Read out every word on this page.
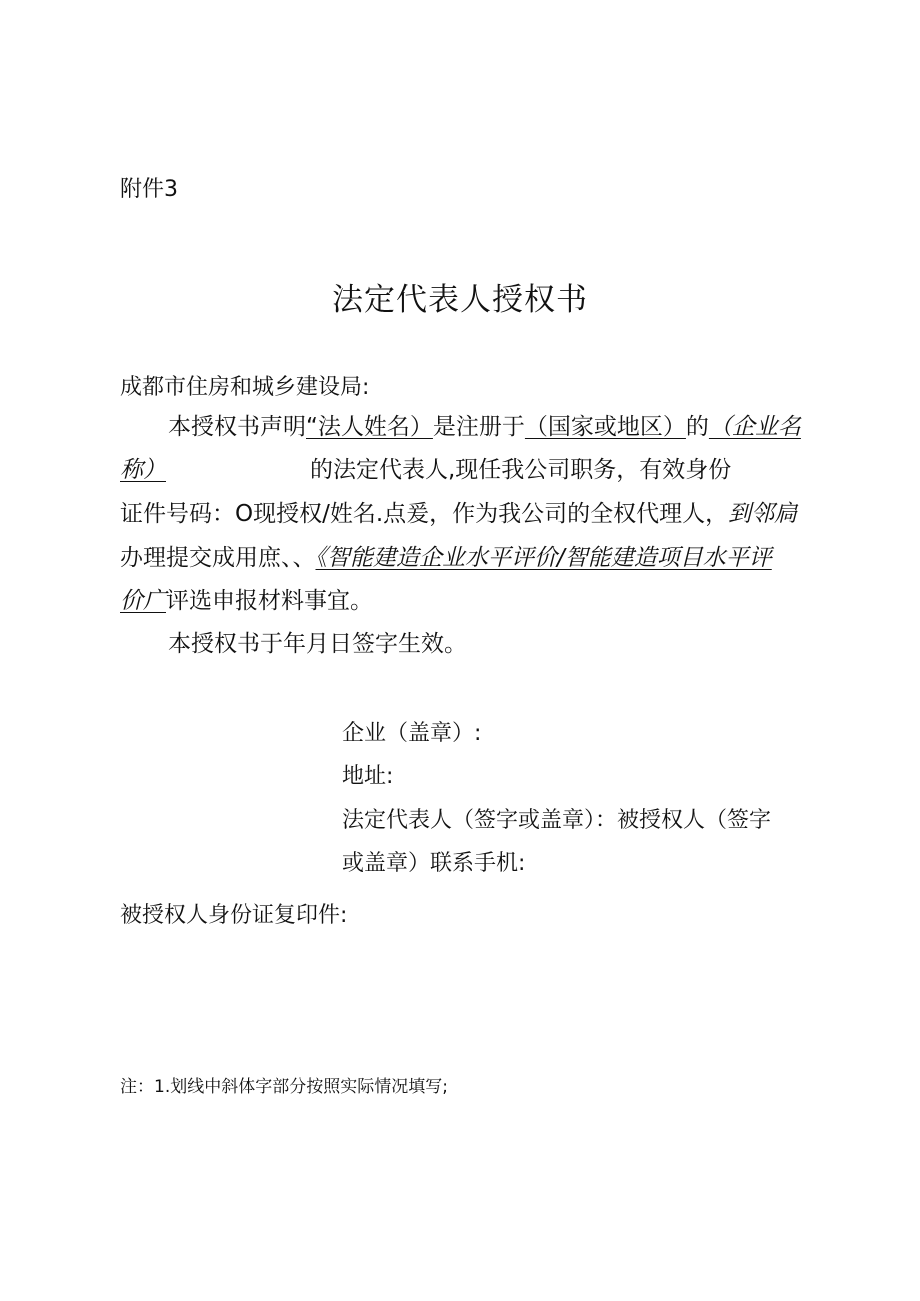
附件3
法定代表人授权书
成都市住房和城乡建设局:
本授权书声明“法人姓名）是注册于（国家或地区）的（企业名
称）	的法定代表人,现任我公司职务，有效身份
证件号码：O现授权/姓名.点爰，作为我公司的全权代理人，到邻扃
办理提交成用庶、、《智能建造企业水平评价/智能建造项目水平评
价广评选申报材料事宜。
本授权书于年月日签字生效。
企业（盖章）:
地址:
法定代表人（签字或盖章）：被授权人（签字
或盖章）联系手机:
被授权人身份证复印件:
注：1.划线中斜体字部分按照实际情况填写;
